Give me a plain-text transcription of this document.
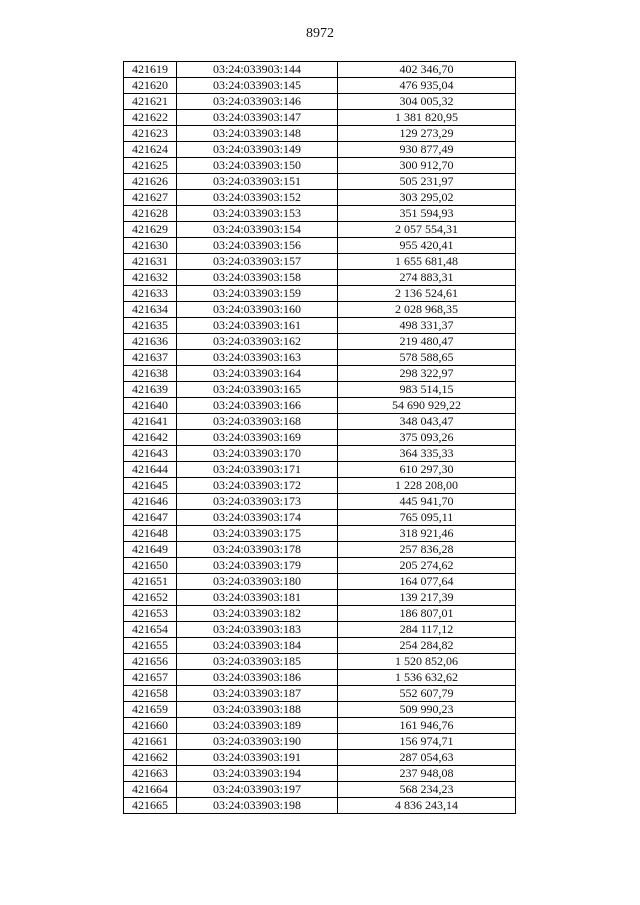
8972
421619	03:24:033903:144	402 346,70
421620	03:24:033903:145	476 935,04
421621	03:24:033903:146	304 005,32
421622	03:24:033903:147	1 381 820,95
421623	03:24:033903:148	129 273,29
421624	03:24:033903:149	930 877,49
421625	03:24:033903:150	300 912,70
421626	03:24:033903:151	505 231,97
421627	03:24:033903:152	303 295,02
421628	03:24:033903:153	351 594,93
421629	03:24:033903:154	2 057 554,31
421630	03:24:033903:156	955 420,41
421631	03:24:033903:157	1 655 681,48
421632	03:24:033903:158	274 883,31
421633	03:24:033903:159	2 136 524,61
421634	03:24:033903:160	2 028 968,35
421635	03:24:033903:161	498 331,37
421636	03:24:033903:162	219 480,47
421637	03:24:033903:163	578 588,65
421638	03:24:033903:164	298 322,97
421639	03:24:033903:165	983 514,15
421640	03:24:033903:166	54 690 929,22
421641	03:24:033903:168	348 043,47
421642	03:24:033903:169	375 093,26
421643	03:24:033903:170	364 335,33
421644	03:24:033903:171	610 297,30
421645	03:24:033903:172	1 228 208,00
421646	03:24:033903:173	445 941,70
421647	03:24:033903:174	765 095,11
421648	03:24:033903:175	318 921,46
421649	03:24:033903:178	257 836,28
421650	03:24:033903:179	205 274,62
421651	03:24:033903:180	164 077,64
421652	03:24:033903:181	139 217,39
421653	03:24:033903:182	186 807,01
421654	03:24:033903:183	284 117,12
421655	03:24:033903:184	254 284,82
421656	03:24:033903:185	1 520 852,06
421657	03:24:033903:186	1 536 632,62
421658	03:24:033903:187	552 607,79
421659	03:24:033903:188	509 990,23
421660	03:24:033903:189	161 946,76
421661	03:24:033903:190	156 974,71
421662	03:24:033903:191	287 054,63
421663	03:24:033903:194	237 948,08
421664	03:24:033903:197	568 234,23
421665	03:24:033903:198	4 836 243,14
